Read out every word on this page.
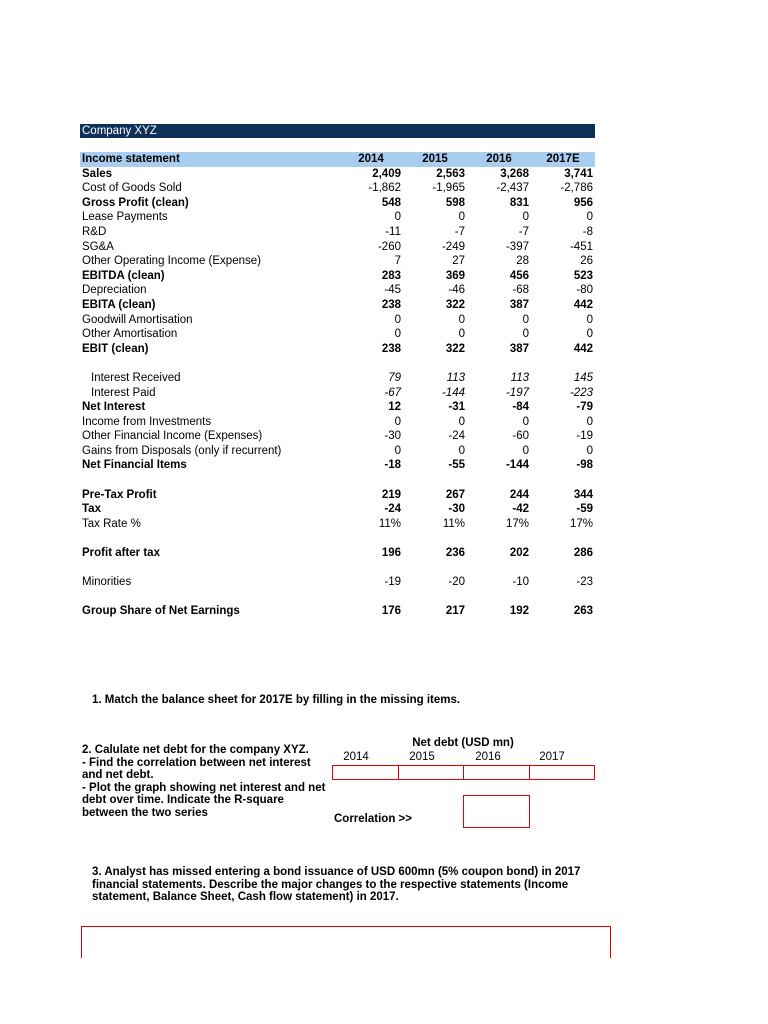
Company XYZ
Income statement	2014	2015	2016	2017E
Sales	2,409	2,563	3,268	3,741
Cost of Goods Sold	-1,862	-1,965	-2,437	-2,786
Gross Profit (clean)	548	598	831	956
Lease Payments	0	0	0	0
R&D	-11	-7	-7	-8
SG&A	-260	-249	-397	-451
Other Operating Income (Expense)	7	27	28	26
EBITDA (clean)	283	369	456	523
Depreciation	-45	-46	-68	-80
EBITA (clean)	238	322	387	442
Goodwill Amortisation	0	0	0	0
Other Amortisation	0	0	0	0
EBIT (clean)	238	322	387	442

Interest Received	79	113	113	145
Interest Paid	-67	-144	-197	-223
Net Interest	12	-31	-84	-79
Income from Investments	0	0	0	0
Other Financial Income (Expenses)	-30	-24	-60	-19
Gains from Disposals (only if recurrent)	0	0	0	0
Net Financial Items	-18	-55	-144	-98

Pre-Tax Profit	219	267	244	344
Tax	-24	-30	-42	-59
Tax Rate %	11%	11%	17%	17%

Profit after tax	196	236	202	286

Minorities	-19	-20	-10	-23

Group Share of Net Earnings	176	217	192	263
1. Match the balance sheet for 2017E by filling in the missing items.
2. Calulate net debt for the company XYZ.
- Find the correlation between net interest
and net debt.
- Plot the graph showing net interest and net
debt over time. Indicate the R-square
between the two series
Net debt (USD mn)
2014	2015	2016	2017
Correlation >>
3. Analyst has missed entering a bond issuance of USD 600mn (5% coupon bond) in 2017
financial statements. Describe the major changes to the respective statements (Income
statement, Balance Sheet, Cash flow statement) in 2017.
